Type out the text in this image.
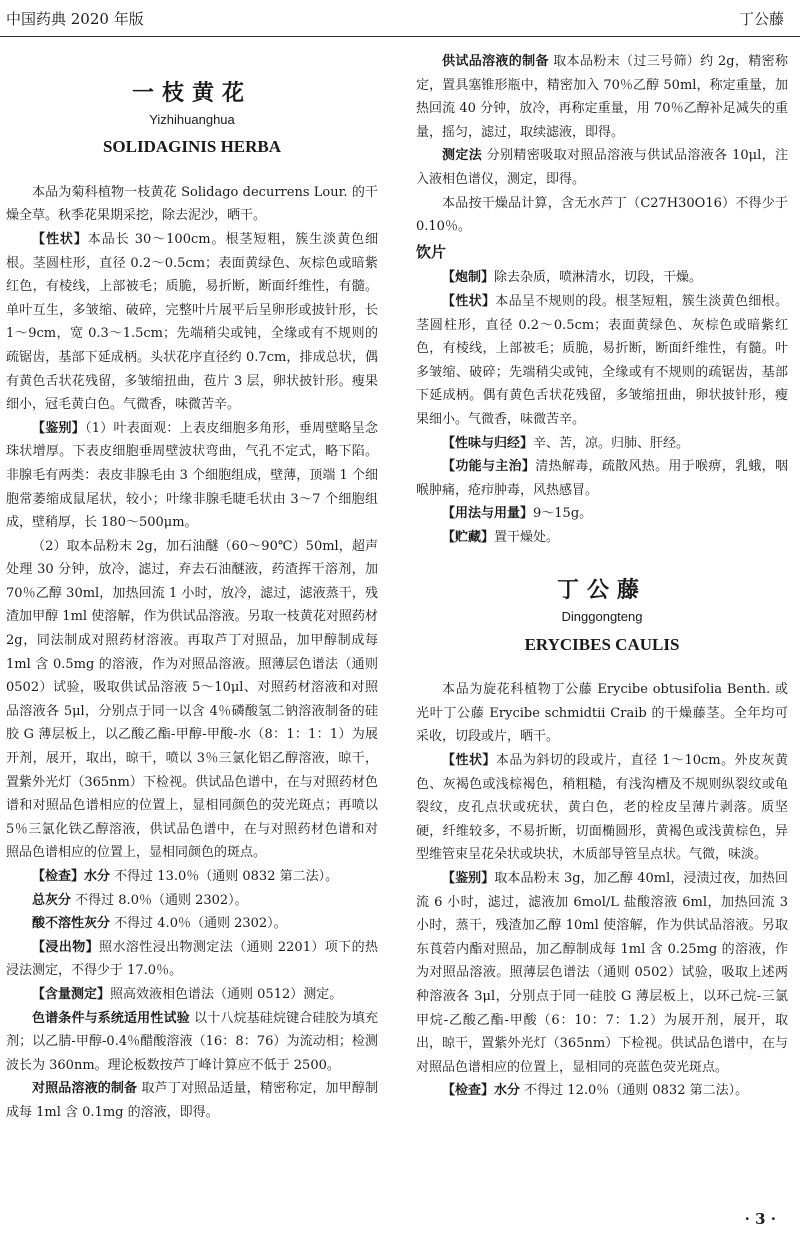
中国药典 2020 年版	丁公藤
一枝黄花
Yizhihuanghua
SOLIDAGINIS HERBA

本品为菊科植物一枝黄花 Solidago decurrens Lour. 的干燥全草。秋季花果期采挖，除去泥沙，晒干。

【性状】本品长 30～100cm。根茎短粗，簇生淡黄色细根。茎圆柱形，直径 0.2～0.5cm；表面黄绿色、灰棕色或暗紫红色，有棱线，上部被毛；质脆，易折断，断面纤维性，有髓。单叶互生，多皱缩、破碎，完整叶片展平后呈卵形或披针形，长 1～9cm，宽 0.3～1.5cm；先端稍尖或钝，全缘或有不规则的疏锯齿，基部下延成柄。头状花序直径约 0.7cm，排成总状，偶有黄色舌状花残留，多皱缩扭曲，苞片 3 层，卵状披针形。瘦果细小，冠毛黄白色。气微香，味微苦辛。

【鉴别】（1）叶表面观：上表皮细胞多角形，垂周壁略呈念珠状增厚。下表皮细胞垂周壁波状弯曲，气孔不定式，略下陷。非腺毛有两类：表皮非腺毛由 3 个细胞组成，壁薄，顶端 1 个细胞常萎缩成鼠尾状，较小；叶缘非腺毛睫毛状由 3～7 个细胞组成，壁稍厚，长 180～500μm。

（2）取本品粉末 2g，加石油醚（60～90℃）50ml，超声处理 30 分钟，放冷，滤过，弃去石油醚液，药渣挥干溶剂，加 70％乙醇 30ml，加热回流 1 小时，放冷，滤过，滤液蒸干，残渣加甲醇 1ml 使溶解，作为供试品溶液。另取一枝黄花对照药材 2g，同法制成对照药材溶液。再取芦丁对照品，加甲醇制成每 1ml 含 0.5mg 的溶液，作为对照品溶液。照薄层色谱法（通则 0502）试验，吸取供试品溶液 5～10μl、对照药材溶液和对照品溶液各 5μl，分别点于同一以含 4％磷酸氢二钠溶液制备的硅胶 G 薄层板上，以乙酸乙酯-甲醇-甲酸-水（8：1：1：1）为展开剂，展开，取出，晾干，喷以 3％三氯化铝乙醇溶液，晾干，置紫外光灯（365nm）下检视。供试品色谱中，在与对照药材色谱和对照品色谱相应的位置上，显相同颜色的荧光斑点；再喷以 5％三氯化铁乙醇溶液，供试品色谱中，在与对照药材色谱和对照品色谱相应的位置上，显相同颜色的斑点。

【检查】水分 不得过 13.0％（通则 0832 第二法）。

总灰分 不得过 8.0％（通则 2302）。

酸不溶性灰分 不得过 4.0％（通则 2302）。

【浸出物】照水溶性浸出物测定法（通则 2201）项下的热浸法测定，不得少于 17.0％。

【含量测定】照高效液相色谱法（通则 0512）测定。

色谱条件与系统适用性试验 以十八烷基硅烷键合硅胶为填充剂；以乙腈-甲醇-0.4％醋酸溶液（16：8：76）为流动相；检测波长为 360nm。理论板数按芦丁峰计算应不低于 2500。

对照品溶液的制备 取芦丁对照品适量，精密称定，加甲醇制成每 1ml 含 0.1mg 的溶液，即得。

供试品溶液的制备 取本品粉末（过三号筛）约 2g，精密称定，置具塞锥形瓶中，精密加入 70％乙醇 50ml，称定重量，加热回流 40 分钟，放冷，再称定重量，用 70％乙醇补足减失的重量，摇匀，滤过，取续滤液，即得。

测定法 分别精密吸取对照品溶液与供试品溶液各 10μl，注入液相色谱仪，测定，即得。

本品按干燥品计算，含无水芦丁（C27H30O16）不得少于 0.10％。

饮片

【炮制】除去杂质，喷淋清水，切段，干燥。

【性状】本品呈不规则的段。根茎短粗，簇生淡黄色细根。茎圆柱形，直径 0.2～0.5cm；表面黄绿色、灰棕色或暗紫红色，有棱线，上部被毛；质脆，易折断，断面纤维性，有髓。叶多皱缩、破碎；先端稍尖或钝，全缘或有不规则的疏锯齿，基部下延成柄。偶有黄色舌状花残留，多皱缩扭曲，卵状披针形，瘦果细小。气微香，味微苦辛。

【性味与归经】辛、苦，凉。归肺、肝经。

【功能与主治】清热解毒，疏散风热。用于喉痹，乳蛾，咽喉肿痛，疮疖肿毒，风热感冒。

【用法与用量】9～15g。

【贮藏】置干燥处。

丁公藤
Dinggongteng
ERYCIBES CAULIS

本品为旋花科植物丁公藤 Erycibe obtusifolia Benth. 或光叶丁公藤 Erycibe schmidtii Craib 的干燥藤茎。全年均可采收，切段或片，晒干。

【性状】本品为斜切的段或片，直径 1～10cm。外皮灰黄色、灰褐色或浅棕褐色，稍粗糙，有浅沟槽及不规则纵裂纹或龟裂纹，皮孔点状或疣状，黄白色，老的栓皮呈薄片剥落。质坚硬，纤维较多，不易折断，切面椭圆形，黄褐色或浅黄棕色，异型维管束呈花朵状或块状，木质部导管呈点状。气微，味淡。

【鉴别】取本品粉末 3g，加乙醇 40ml，浸渍过夜，加热回流 6 小时，滤过，滤液加 6mol/L 盐酸溶液 6ml，加热回流 3 小时，蒸干，残渣加乙醇 10ml 使溶解，作为供试品溶液。另取东莨菪内酯对照品，加乙醇制成每 1ml 含 0.25mg 的溶液，作为对照品溶液。照薄层色谱法（通则 0502）试验，吸取上述两种溶液各 3μl，分别点于同一硅胶 G 薄层板上，以环己烷-三氯甲烷-乙酸乙酯-甲酸（6：10：7：1.2）为展开剂，展开，取出，晾干，置紫外光灯（365nm）下检视。供试品色谱中，在与对照品色谱相应的位置上，显相同的亮蓝色荧光斑点。

【检查】水分 不得过 12.0％（通则 0832 第二法）。

· 3 ·
